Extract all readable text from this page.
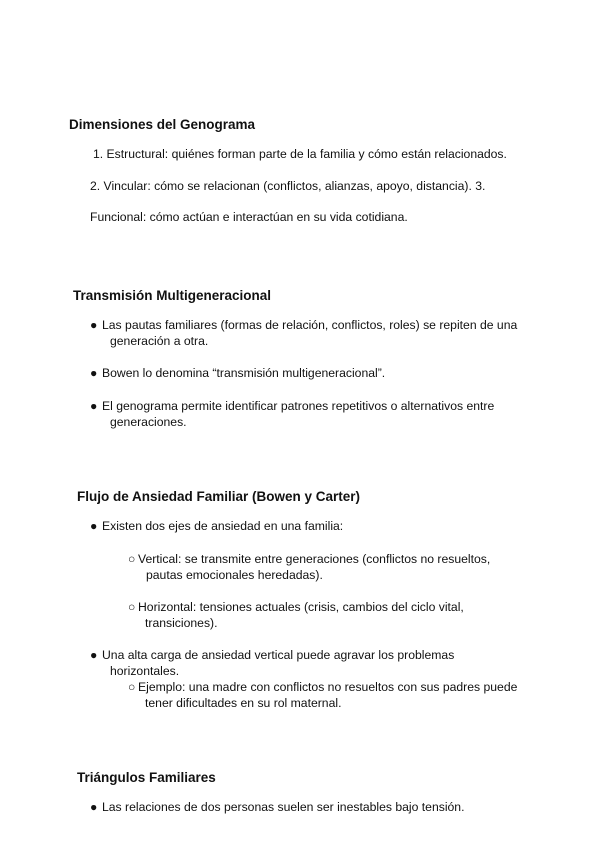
Dimensiones del Genograma
1. Estructural: quiénes forman parte de la familia y cómo están relacionados.
2. Vincular: cómo se relacionan (conflictos, alianzas, apoyo, distancia). 3.
Funcional: cómo actúan e interactúan en su vida cotidiana.
Transmisión Multigeneracional
● Las pautas familiares (formas de relación, conflictos, roles) se repiten de una
generación a otra.
● Bowen lo denomina “transmisión multigeneracional”.
● El genograma permite identificar patrones repetitivos o alternativos entre
generaciones.
Flujo de Ansiedad Familiar (Bowen y Carter)
● Existen dos ejes de ansiedad en una familia:
○ Vertical: se transmite entre generaciones (conflictos no resueltos,
pautas emocionales heredadas).
○ Horizontal: tensiones actuales (crisis, cambios del ciclo vital,
transiciones).
● Una alta carga de ansiedad vertical puede agravar los problemas
horizontales.
○ Ejemplo: una madre con conflictos no resueltos con sus padres puede
tener dificultades en su rol maternal.
Triángulos Familiares
● Las relaciones de dos personas suelen ser inestables bajo tensión.
